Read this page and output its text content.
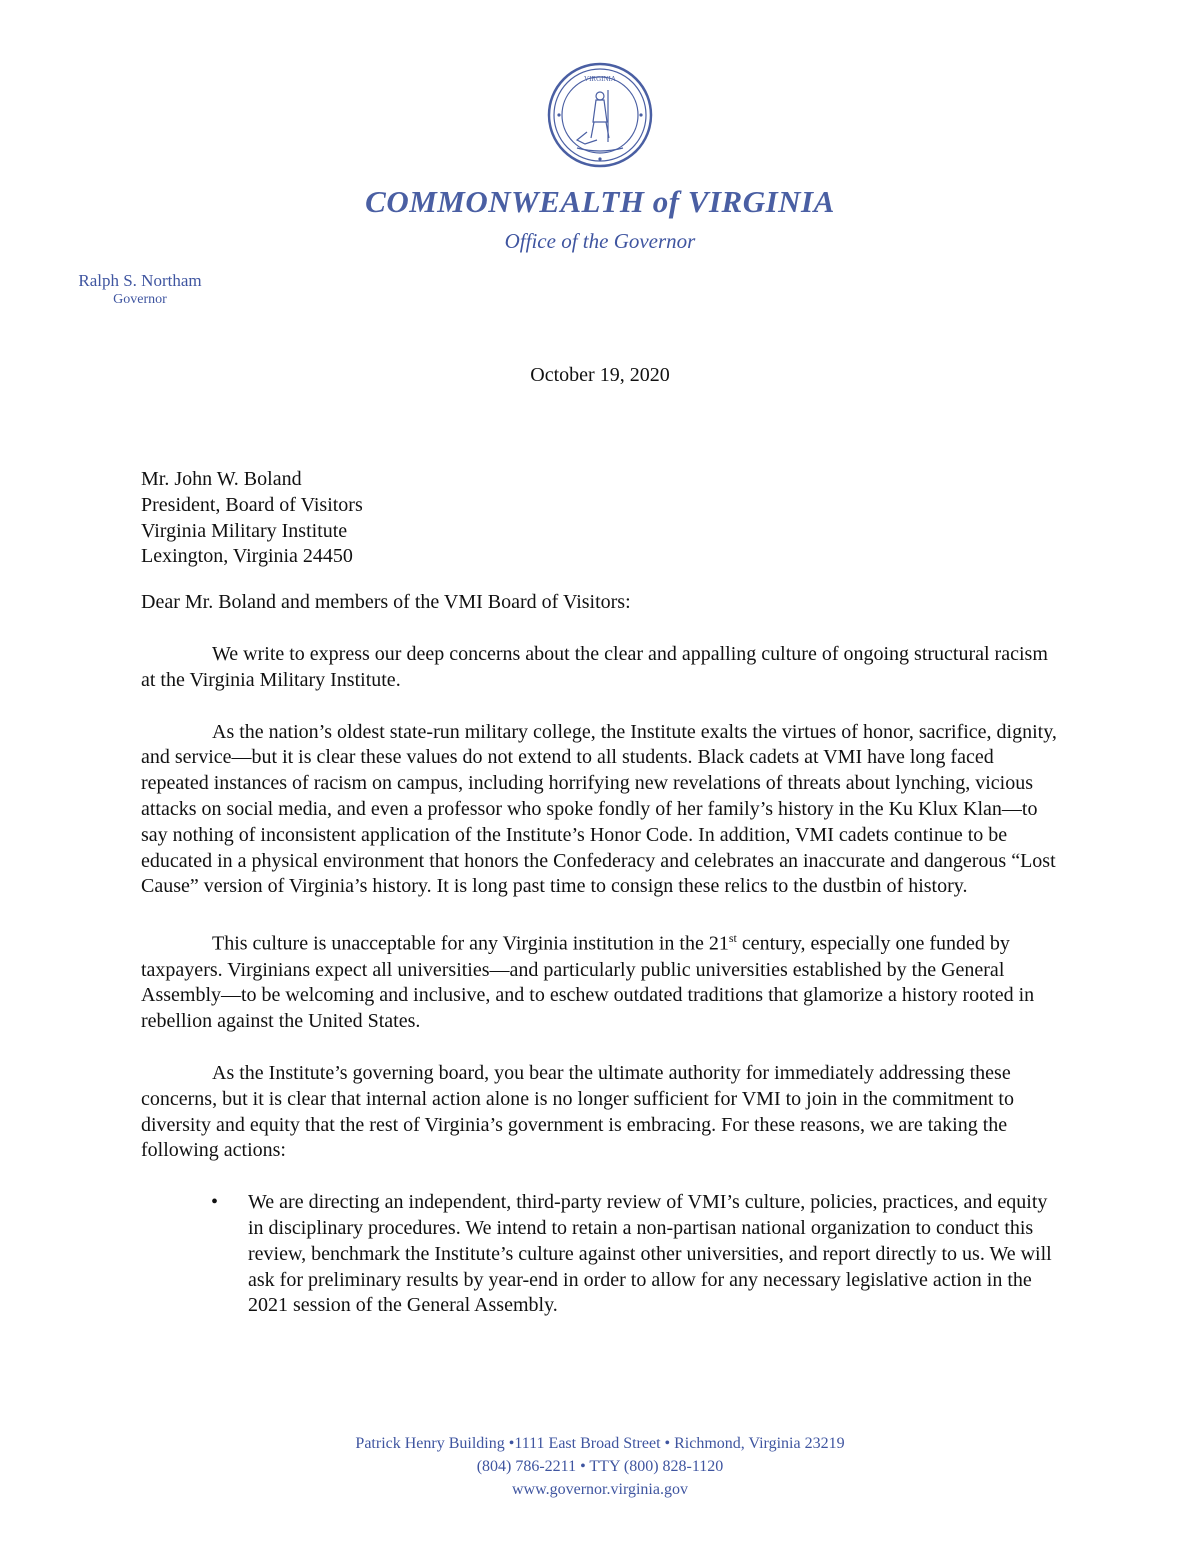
VIRGINIA
COMMONWEALTH of VIRGINIA
Office of the Governor
Ralph S. Northam
Governor
October 19, 2020

Mr. John W. Boland

President, Board of Visitors

Virginia Military Institute

Lexington, Virginia 24450

Dear Mr. Boland and members of the VMI Board of Visitors:

We write to express our deep concerns about the clear and appalling culture of ongoing structural racism at the Virginia Military Institute.

As the nation’s oldest state-run military college, the Institute exalts the virtues of honor, sacrifice, dignity, and service—but it is clear these values do not extend to all students. Black cadets at VMI have long faced repeated instances of racism on campus, including horrifying new revelations of threats about lynching, vicious attacks on social media, and even a professor who spoke fondly of her family’s history in the Ku Klux Klan—to say nothing of inconsistent application of the Institute’s Honor Code. In addition, VMI cadets continue to be educated in a physical environment that honors the Confederacy and celebrates an inaccurate and dangerous “Lost Cause” version of Virginia’s history. It is long past time to consign these relics to the dustbin of history.

This culture is unacceptable for any Virginia institution in the 21st century, especially one funded by taxpayers. Virginians expect all universities—and particularly public universities established by the General Assembly—to be welcoming and inclusive, and to eschew outdated traditions that glamorize a history rooted in rebellion against the United States.

As the Institute’s governing board, you bear the ultimate authority for immediately addressing these concerns, but it is clear that internal action alone is no longer sufficient for VMI to join in the commitment to diversity and equity that the rest of Virginia’s government is embracing. For these reasons, we are taking the following actions:

• We are directing an independent, third-party review of VMI’s culture, policies, practices, and equity in disciplinary procedures. We intend to retain a non-partisan national organization to conduct this review, benchmark the Institute’s culture against other universities, and report directly to us. We will ask for preliminary results by year-end in order to allow for any necessary legislative action in the 2021 session of the General Assembly.

Patrick Henry Building •1111 East Broad Street • Richmond, Virginia 23219

(804) 786-2211 • TTY (800) 828-1120

www.governor.virginia.gov
